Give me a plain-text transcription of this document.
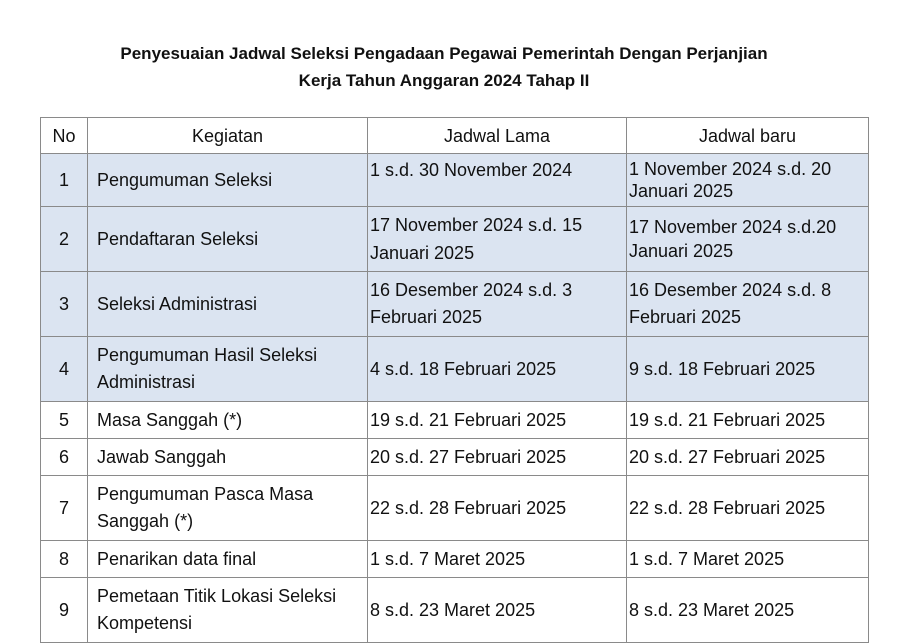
Penyesuaian Jadwal Seleksi Pengadaan Pegawai Pemerintah Dengan Perjanjian
Kerja Tahun Anggaran 2024 Tahap II
No	Kegiatan	Jadwal Lama	Jadwal baru
1	Pengumuman Seleksi	1 s.d. 30 November 2024	1 November 2024 s.d. 20 Januari 2025
2	Pendaftaran Seleksi	17 November 2024 s.d. 15 Januari 2025	17 November 2024 s.d.20 Januari 2025
3	Seleksi Administrasi	16 Desember 2024 s.d. 3 Februari 2025	16 Desember 2024 s.d. 8 Februari 2025
4	Pengumuman Hasil Seleksi Administrasi	4 s.d. 18 Februari 2025	9 s.d. 18 Februari 2025
5	Masa Sanggah (*)	19 s.d. 21 Februari 2025	19 s.d. 21 Februari 2025
6	Jawab Sanggah	20 s.d. 27 Februari 2025	20 s.d. 27 Februari 2025
7	Pengumuman Pasca Masa Sanggah (*)	22 s.d. 28 Februari 2025	22 s.d. 28 Februari 2025
8	Penarikan data final	1 s.d. 7 Maret 2025	1 s.d. 7 Maret 2025
9	Pemetaan Titik Lokasi Seleksi Kompetensi	8 s.d. 23 Maret 2025	8 s.d. 23 Maret 2025
